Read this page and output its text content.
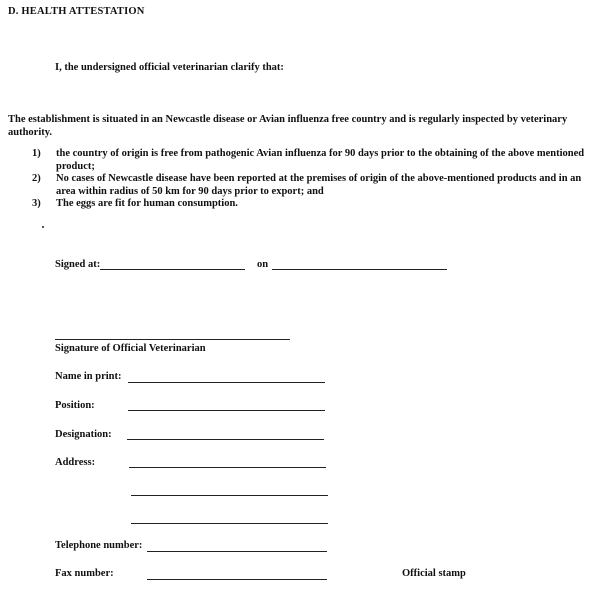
D. HEALTH ATTESTATION
I, the undersigned official veterinarian clarify that:
The establishment is situated in an Newcastle disease or Avian influenza free country and is regularly inspected by veterinary authority.
1)	the country of origin is free from pathogenic Avian influenza for 90 days prior to the obtaining of the above mentioned product;
2)	No cases of Newcastle disease have been reported at the premises of origin of the above-mentioned products and in an area within radius of 50 km for 90 days prior to export; and
3)	The eggs are fit for human consumption.
Signed at:	on
Signature of Official Veterinarian
Name in print:
Position:
Designation:
Address:
Telephone number:
Fax number:	Official stamp
